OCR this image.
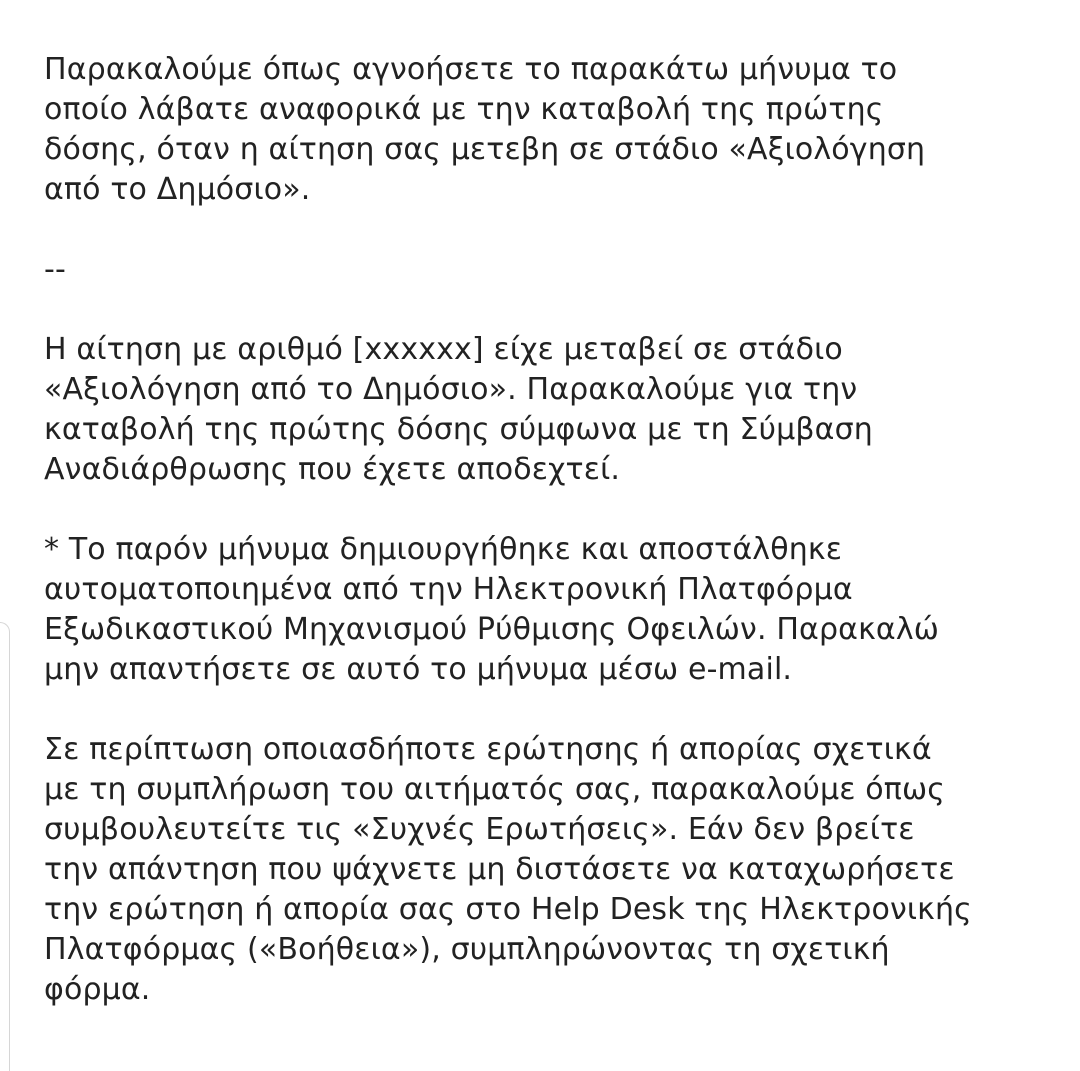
Παρακαλούμε όπως αγνοήσετε το παρακάτω μήνυμα το
οποίο λάβατε αναφορικά με την καταβολή της πρώτης
δόσης, όταν η αίτηση σας μετεβη σε στάδιο «Αξιολόγηση
από το Δημόσιο».

--

Η αίτηση με αριθμό [xxxxxx] είχε μεταβεί σε στάδιο
«Αξιολόγηση από το Δημόσιο». Παρακαλούμε για την
καταβολή της πρώτης δόσης σύμφωνα με τη Σύμβαση
Αναδιάρθρωσης που έχετε αποδεχτεί.

* Το παρόν μήνυμα δημιουργήθηκε και αποστάλθηκε
αυτοματοποιημένα από την Ηλεκτρονική Πλατφόρμα
Εξωδικαστικού Μηχανισμού Ρύθμισης Οφειλών. Παρακαλώ
μην απαντήσετε σε αυτό το μήνυμα μέσω e-mail.

Σε περίπτωση οποιασδήποτε ερώτησης ή απορίας σχετικά
με τη συμπλήρωση του αιτήματός σας, παρακαλούμε όπως
συμβουλευτείτε τις «Συχνές Ερωτήσεις». Εάν δεν βρείτε
την απάντηση που ψάχνετε μη διστάσετε να καταχωρήσετε
την ερώτηση ή απορία σας στο Help Desk της Ηλεκτρονικής
Πλατφόρμας («Βοήθεια»), συμπληρώνοντας τη σχετική
φόρμα.
